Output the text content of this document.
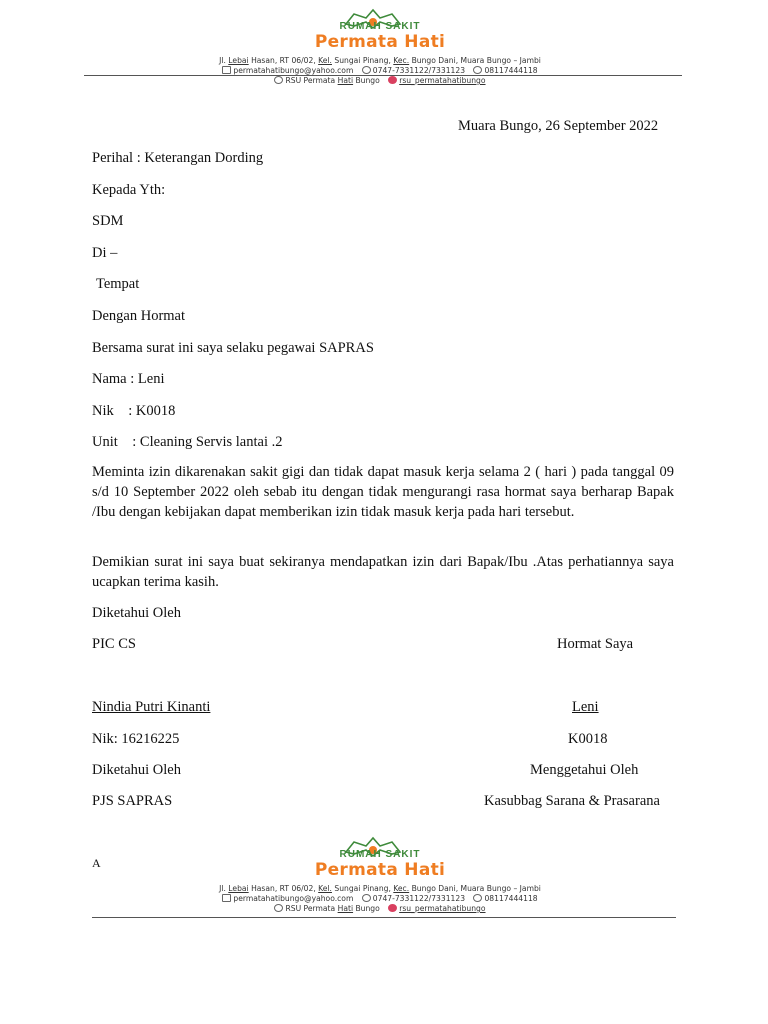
RUMAH SAKIT
Permata Hati
Jl. Lebai Hasan, RT 06/02, Kel. Sungai Pinang, Kec. Bungo Dani, Muara Bungo – Jambi
permatahatibungo@yahoo.com	0747-7331122/7331123	08117444118
RSU Permata Hati Bungo	rsu_permatahatibungo
Muara Bungo, 26 September 2022
Perihal : Keterangan Dording
Kepada Yth:
SDM
Di –
Tempat
Dengan Hormat
Bersama surat ini saya selaku pegawai SAPRAS
Nama : Leni
Nik    : K0018
Unit    : Cleaning Servis lantai .2
Meminta izin dikarenakan sakit gigi dan tidak dapat masuk kerja selama 2 ( hari ) pada tanggal 09 s/d 10 September 2022 oleh sebab itu dengan tidak mengurangi rasa hormat saya berharap Bapak /Ibu dengan kebijakan dapat memberikan izin tidak masuk kerja pada hari tersebut.
Demikian surat ini saya buat sekiranya mendapatkan izin dari Bapak/Ibu .Atas perhatiannya saya ucapkan terima kasih.
Diketahui Oleh
PIC CS	Hormat Saya
Nindia Putri Kinanti	Leni
Nik: 16216225	K0018
Diketahui Oleh	Menggetahui Oleh
PJS SAPRAS	Kasubbag Sarana & Prasarana
A
RUMAH SAKIT
Permata Hati
Jl. Lebai Hasan, RT 06/02, Kel. Sungai Pinang, Kec. Bungo Dani, Muara Bungo – Jambi
permatahatibungo@yahoo.com	0747-7331122/7331123	08117444118
RSU Permata Hati Bungo	rsu_permatahatibungo
